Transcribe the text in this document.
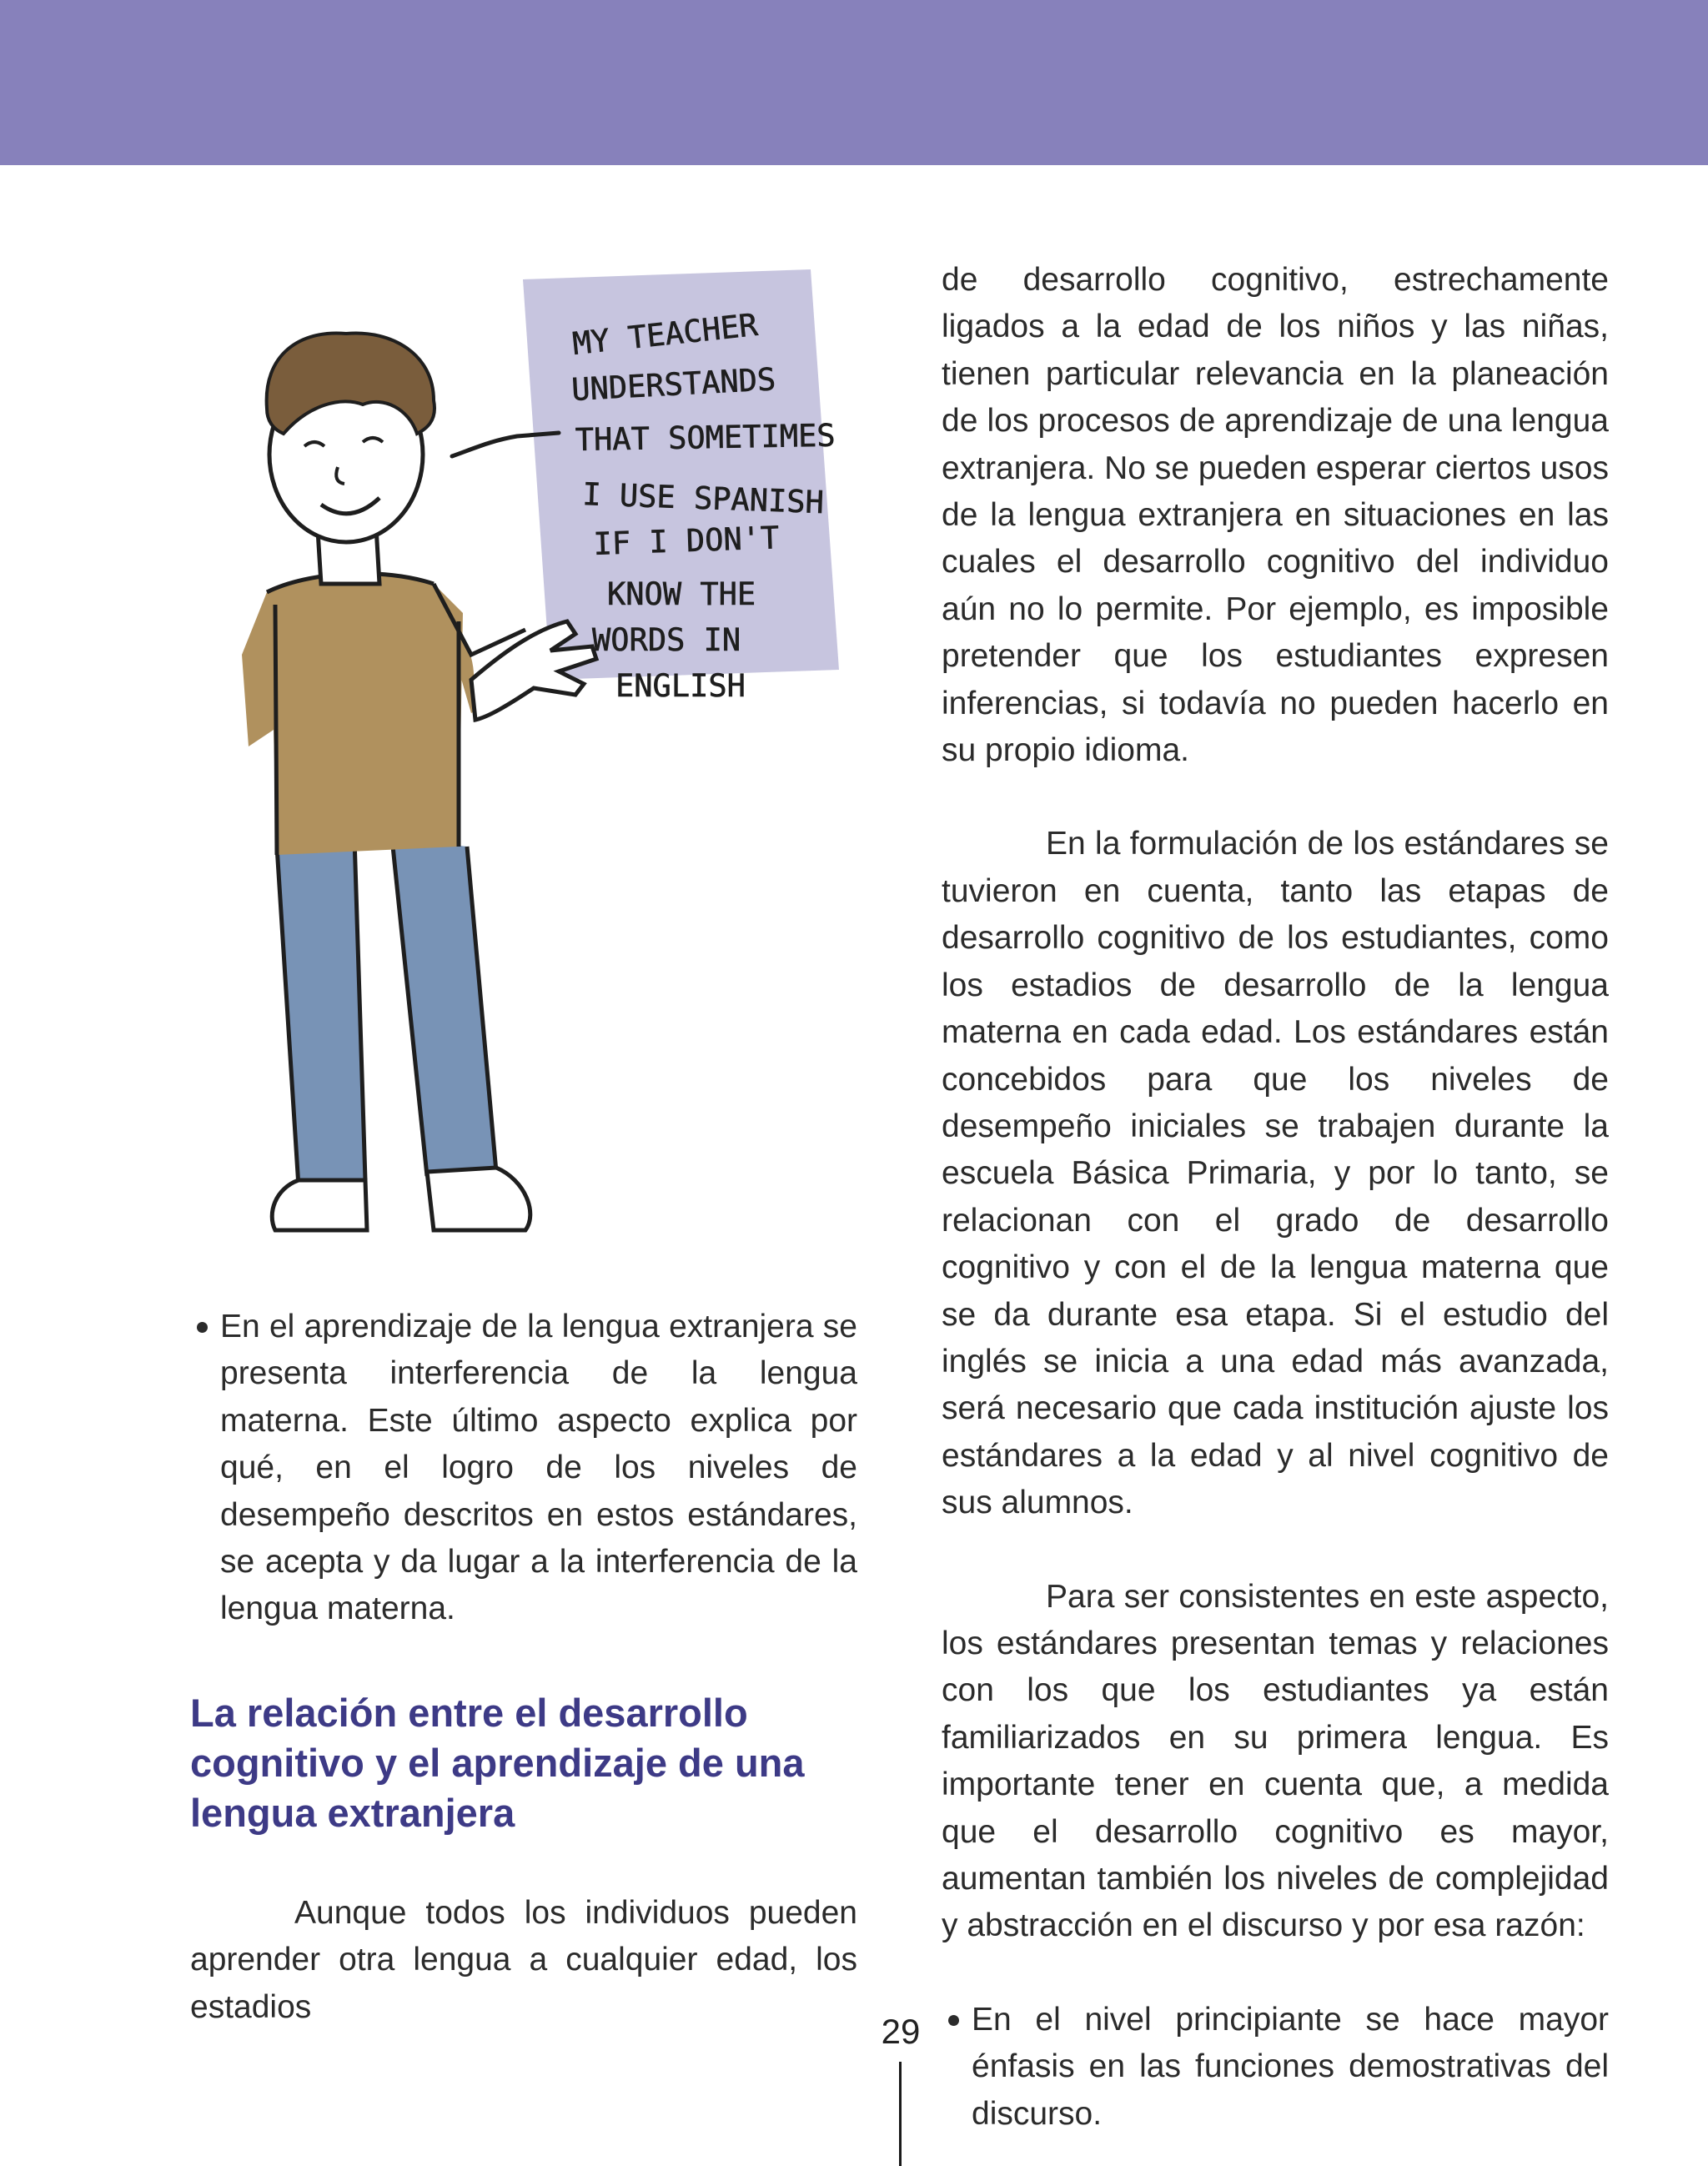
MY TEACHER
UNDERSTANDS
THAT SOMETIMES
I USE SPANISH
IF I DON'T
KNOW THE
WORDS IN
ENGLISH
En el aprendizaje de la lengua extranjera se presenta interferencia de la lengua materna. Este último aspecto explica por qué, en el logro de los niveles de desempeño descritos en estos estándares, se acepta y da lugar a la interferencia de la lengua materna.
La relación entre el desarrollo cognitivo y el aprendizaje de una lengua extranjera

Aunque todos los individuos pueden aprender otra lengua a cualquier edad, los estadios

de desarrollo cognitivo, estrechamente ligados a la edad de los niños y las niñas, tienen particular relevancia en la planeación de los procesos de aprendizaje de una lengua extranjera. No se pueden esperar ciertos usos de la lengua extranjera en situaciones en las cuales el desarrollo cognitivo del individuo aún no lo permite. Por ejemplo, es imposible pretender que los estudiantes expresen inferencias, si todavía no pueden hacerlo en su propio idioma.

En la formulación de los estándares se tuvieron en cuenta, tanto las etapas de desarrollo cognitivo de los estudiantes, como los estadios de desarrollo de la lengua materna en cada edad. Los estándares están concebidos para que los niveles de desempeño iniciales se trabajen durante la escuela Básica Primaria, y por lo tanto, se relacionan con el grado de desarrollo cognitivo y con el de la lengua materna que se da durante esa etapa. Si el estudio del inglés se inicia a una edad más avanzada, será necesario que cada institución ajuste los estándares a la edad y al nivel cognitivo de sus alumnos.

Para ser consistentes en este aspecto, los estándares presentan temas y relaciones con los que los estudiantes ya están familiarizados en su primera lengua. Es importante tener en cuenta que, a medida que el desarrollo cognitivo es mayor, aumentan también los niveles de complejidad y abstracción en el discurso y por esa razón:

En el nivel principiante se hace mayor énfasis en las funciones demostrativas del discurso.
29
